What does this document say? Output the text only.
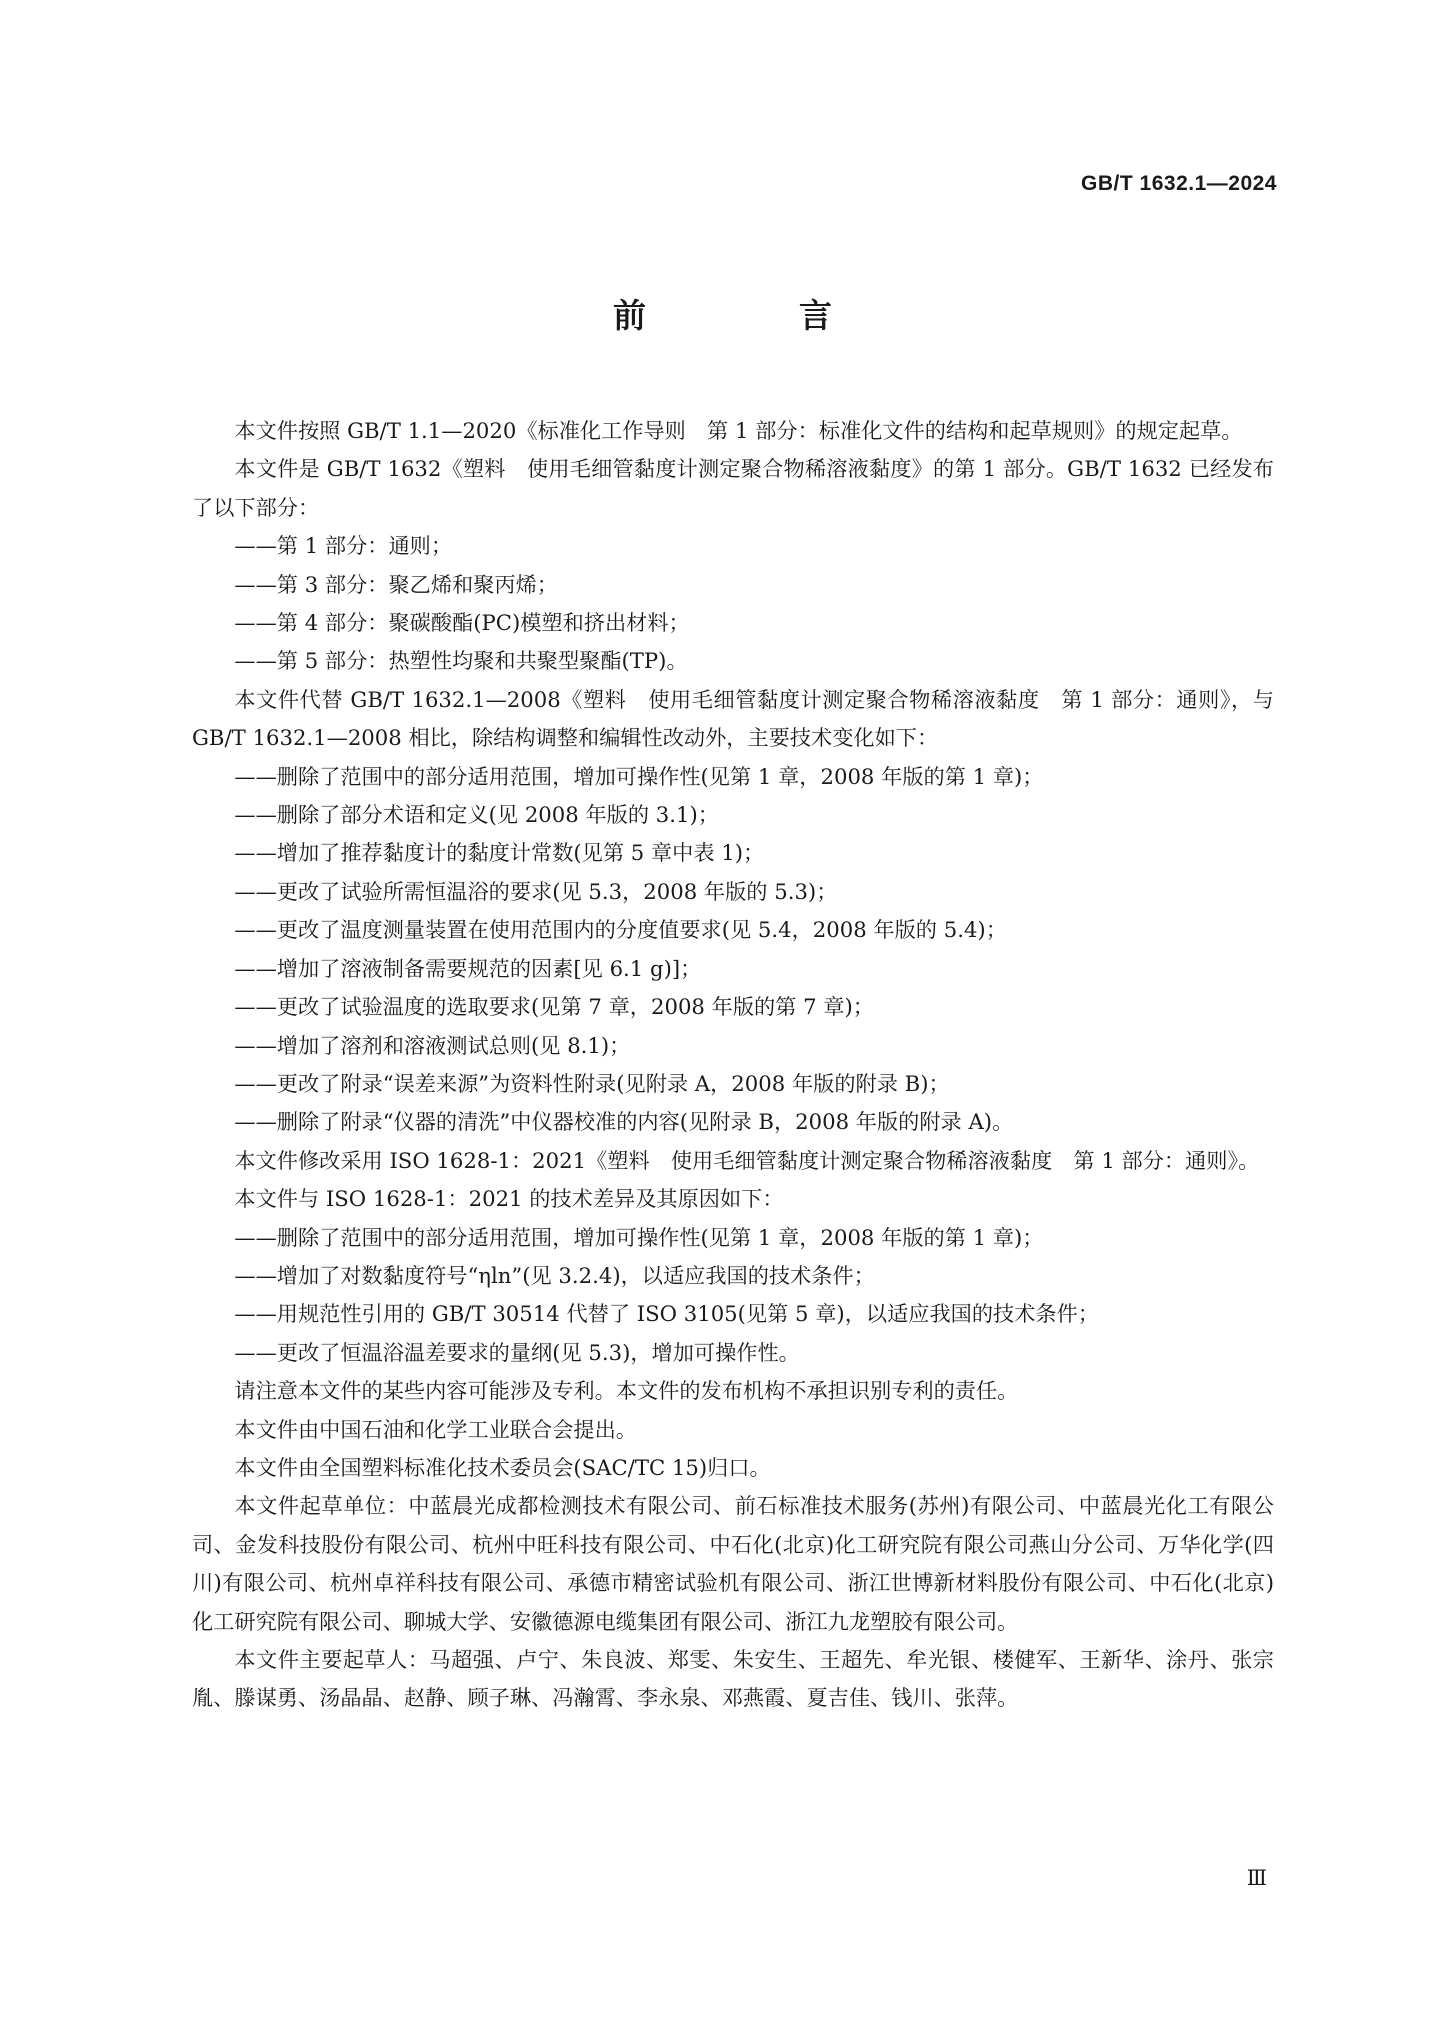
GB/T 1632.1—2024
前　言

本文件按照 GB/T 1.1—2020《标准化工作导则　第 1 部分：标准化文件的结构和起草规则》的规定起草。

本文件是 GB/T 1632《塑料　使用毛细管黏度计测定聚合物稀溶液黏度》的第 1 部分。GB/T 1632 已经发布了以下部分：

——第 1 部分：通则；

——第 3 部分：聚乙烯和聚丙烯；

——第 4 部分：聚碳酸酯(PC)模塑和挤出材料；

——第 5 部分：热塑性均聚和共聚型聚酯(TP)。

本文件代替 GB/T 1632.1—2008《塑料　使用毛细管黏度计测定聚合物稀溶液黏度　第 1 部分：通则》，与 GB/T 1632.1—2008 相比，除结构调整和编辑性改动外，主要技术变化如下：

——删除了范围中的部分适用范围，增加可操作性(见第 1 章，2008 年版的第 1 章)；

——删除了部分术语和定义(见 2008 年版的 3.1)；

——增加了推荐黏度计的黏度计常数(见第 5 章中表 1)；

——更改了试验所需恒温浴的要求(见 5.3，2008 年版的 5.3)；

——更改了温度测量装置在使用范围内的分度值要求(见 5.4，2008 年版的 5.4)；

——增加了溶液制备需要规范的因素[见 6.1 g)]；

——更改了试验温度的选取要求(见第 7 章，2008 年版的第 7 章)；

——增加了溶剂和溶液测试总则(见 8.1)；

——更改了附录“误差来源”为资料性附录(见附录 A，2008 年版的附录 B)；

——删除了附录“仪器的清洗”中仪器校准的内容(见附录 B，2008 年版的附录 A)。

本文件修改采用 ISO 1628-1：2021《塑料　使用毛细管黏度计测定聚合物稀溶液黏度　第 1 部分：通则》。

本文件与 ISO 1628-1：2021 的技术差异及其原因如下：

——删除了范围中的部分适用范围，增加可操作性(见第 1 章，2008 年版的第 1 章)；

——增加了对数黏度符号“ηln”(见 3.2.4)，以适应我国的技术条件；

——用规范性引用的 GB/T 30514 代替了 ISO 3105(见第 5 章)，以适应我国的技术条件；

——更改了恒温浴温差要求的量纲(见 5.3)，增加可操作性。

请注意本文件的某些内容可能涉及专利。本文件的发布机构不承担识别专利的责任。

本文件由中国石油和化学工业联合会提出。

本文件由全国塑料标准化技术委员会(SAC/TC 15)归口。

本文件起草单位：中蓝晨光成都检测技术有限公司、前石标准技术服务(苏州)有限公司、中蓝晨光化工有限公司、金发科技股份有限公司、杭州中旺科技有限公司、中石化(北京)化工研究院有限公司燕山分公司、万华化学(四川)有限公司、杭州卓祥科技有限公司、承德市精密试验机有限公司、浙江世博新材料股份有限公司、中石化(北京)化工研究院有限公司、聊城大学、安徽德源电缆集团有限公司、浙江九龙塑胶有限公司。

本文件主要起草人：马超强、卢宁、朱良波、郑雯、朱安生、王超先、牟光银、楼健军、王新华、涂丹、张宗胤、滕谋勇、汤晶晶、赵静、顾子琳、冯瀚霄、李永泉、邓燕霞、夏吉佳、钱川、张萍。

Ⅲ
